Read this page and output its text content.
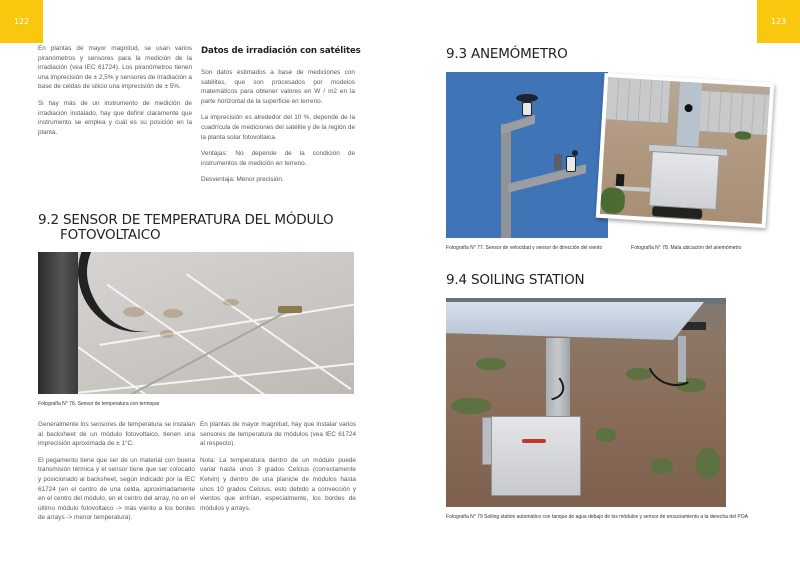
122	123

En plantas de mayor magnitud, se usan varios piranómetros y sensores para la medición de la irradiación (vea IEC 61724). Los piranómetros tienen una imprecisión de ± 2,5% y sensores de irradiación a base de celdas de silicio una imprecisión de ± 5%.

Si hay más de un instrumento de medición de irradiación instalado, hay que definir claramente que instrumento se emplea y cuál es su posición en la planta.

Datos de irradiación con satélites

Son datos estimados a base de mediciones con satélites, que son procesados por modelos matemáticos para obtener valores en W / m2 en la parte horizontal de la superficie en terreno.

La imprecisión es alrededor del 10 %, depende de la cuadrícula de mediciones del satélite y de la región de la planta solar fotovoltaica.

Ventajas: No depende de la condición de instrumentos de medición en terreno.

Desventaja: Menor precisión.

9.2 SENSOR DE TEMPERATURA DEL MÓDULO
FOTOVOLTAICO
Fotografía N° 76. Sensor de temperatura con termopar

Generalmente los sensores de temperatura se instalan al backsheet de un módulo fotovoltaico, tienen una imprecisión aproximada de ± 1°C.

El pegamento tiene que ser de un material con buena transmisión térmica y el sensor tiene que ser colocado y posicionado al backsheet, según indicado por la IEC 61724 (en el centro de una celda, aproximadamente en el centro del módulo, en el centro del array, no en el último módulo fotovoltaico -> más viento a los bordes de arrays -> menor temperatura).

En plantas de mayor magnitud, hay que instalar varios sensores de temperatura de módulos (vea IEC 61724 al respecto).

Nota: La temperatura dentro de un módulo puede variar hasta unos 3 grados Celcius (correctamente Kelvin) y dentro de una planicie de módulos hasta unos 10 grados Celcius, esto debido a convección y vientos que enfrían, especialmente, los bordes de módulos y arrays.

9.3 ANEMÓMETRO
Fotografía N° 77. Sensor de velocidad y sensor de dirección del viento	Fotografía N° 78. Mala ubicación del anemómetro
9.4 SOILING STATION
Fotografía N° 79 Soiling station automático con tanque de agua debajo de los módulos y sensor de ensuciamiento a la derecha del POA
